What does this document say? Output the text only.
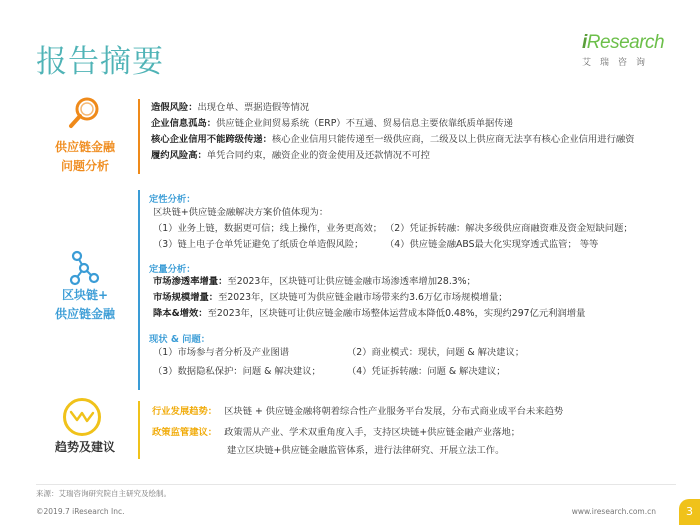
报告摘要
iResearch
艾瑞咨询
供应链金融
问题分析
造假风险：出现仓单、票据造假等情况
企业信息孤岛：供应链企业间贸易系统（ERP）不互通、贸易信息主要依靠纸质单据传递
核心企业信用不能跨级传递：核心企业信用只能传递至一级供应商，二级及以上供应商无法享有核心企业信用进行融资
履约风险高：单凭合同约束，融资企业的资金使用及还款情况不可控
区块链+
供应链金融
定性分析：
区块链+供应链金融解决方案价值体现为：
（1）业务上链，数据更可信；线上操作，业务更高效； （2）凭证拆转融：解决多级供应商融资难及资金短缺问题；
（3）链上电子仓单凭证避免了纸质仓单造假风险； （4）供应链金融ABS最大化实现穿透式监管； 等等
定量分析：
市场渗透率增量：至2023年，区块链可让供应链金融市场渗透率增加28.3%；
市场规模增量：至2023年，区块链可为供应链金融市场带来约3.6万亿市场规模增量；
降本&增效：至2023年，区块链可让供应链金融市场整体运营成本降低0.48%，实现约297亿元利润增量
现状 & 问题：
（1）市场参与者分析及产业图谱	（2）商业模式：现状，问题 & 解决建议；
（3）数据隐私保护：问题 & 解决建议；	（4）凭证拆转融：问题 & 解决建议；
趋势及建议
行业发展趋势： 区块链 + 供应链金融将朝着综合性产业服务平台发展，分布式商业成平台未来趋势
政策监管建议： 政策需从产业、学术双重角度入手，支持区块链+供应链金融产业落地；
建立区块链+供应链金融监管体系，进行法律研究、开展立法工作。
来源：艾瑞咨询研究院自主研究及绘制。
©2019.7 iResearch Inc.	www.iresearch.com.cn	3
